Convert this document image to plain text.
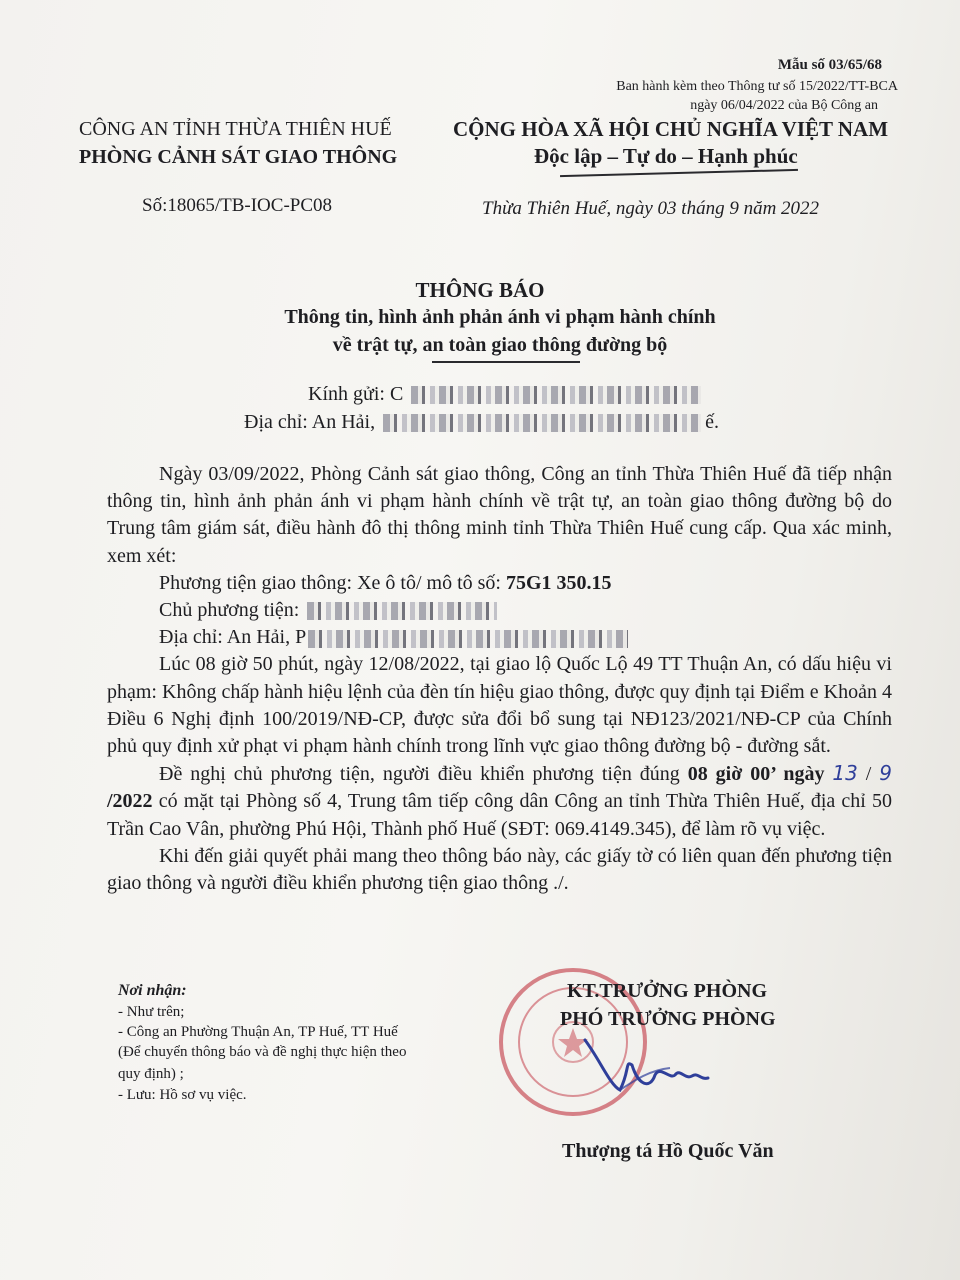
Mẫu số 03/65/68
Ban hành kèm theo Thông tư số 15/2022/TT-BCA
ngày 06/04/2022 của Bộ Công an
CÔNG AN TỈNH THỪA THIÊN HUẾ
PHÒNG CẢNH SÁT GIAO THÔNG
CỘNG HÒA XÃ HỘI CHỦ NGHĨA VIỆT NAM
Độc lập – Tự do – Hạnh phúc
Số:18065/TB-IOC-PC08	Thừa Thiên Huế, ngày 03 tháng 9 năm 2022
THÔNG BÁO
Thông tin, hình ảnh phản ánh vi phạm hành chính
về trật tự, an toàn giao thông đường bộ
Kính gửi: C
Địa chỉ: An Hải,	ế.

Ngày 03/09/2022, Phòng Cảnh sát giao thông, Công an tỉnh Thừa Thiên Huế đã tiếp nhận thông tin, hình ảnh phản ánh vi phạm hành chính về trật tự, an toàn giao thông đường bộ do Trung tâm giám sát, điều hành đô thị thông minh tỉnh Thừa Thiên Huế cung cấp. Qua xác minh, xem xét:

Phương tiện giao thông: Xe ô tô/ mô tô số: 75G1 350.15

Chủ phương tiện:

Địa chỉ: An Hải, P

Lúc 08 giờ 50 phút, ngày 12/08/2022, tại giao lộ Quốc Lộ 49 TT Thuận An, có dấu hiệu vi phạm: Không chấp hành hiệu lệnh của đèn tín hiệu giao thông, được quy định tại Điểm e Khoản 4 Điều 6 Nghị định 100/2019/NĐ-CP, được sửa đổi bổ sung tại NĐ123/2021/NĐ-CP của Chính phủ quy định xử phạt vi phạm hành chính trong lĩnh vực giao thông đường bộ - đường sắt.

Đề nghị chủ phương tiện, người điều khiển phương tiện đúng 08 giờ 00’ ngày 13 / 9 /2022 có mặt tại Phòng số 4, Trung tâm tiếp công dân Công an tỉnh Thừa Thiên Huế, địa chỉ 50 Trần Cao Vân, phường Phú Hội, Thành phố Huế (SĐT: 069.4149.345), để làm rõ vụ việc.

Khi đến giải quyết phải mang theo thông báo này, các giấy tờ có liên quan đến phương tiện giao thông và người điều khiển phương tiện giao thông ./.

Nơi nhận:
- Như trên;
- Công an Phường Thuận An, TP Huế, TT Huế
(Để chuyển thông báo và đề nghị thực hiện theo
quy định) ;
- Lưu: Hồ sơ vụ việc.
KT.TRƯỞNG PHÒNG
PHÓ TRƯỞNG PHÒNG
Thượng tá Hồ Quốc Văn
